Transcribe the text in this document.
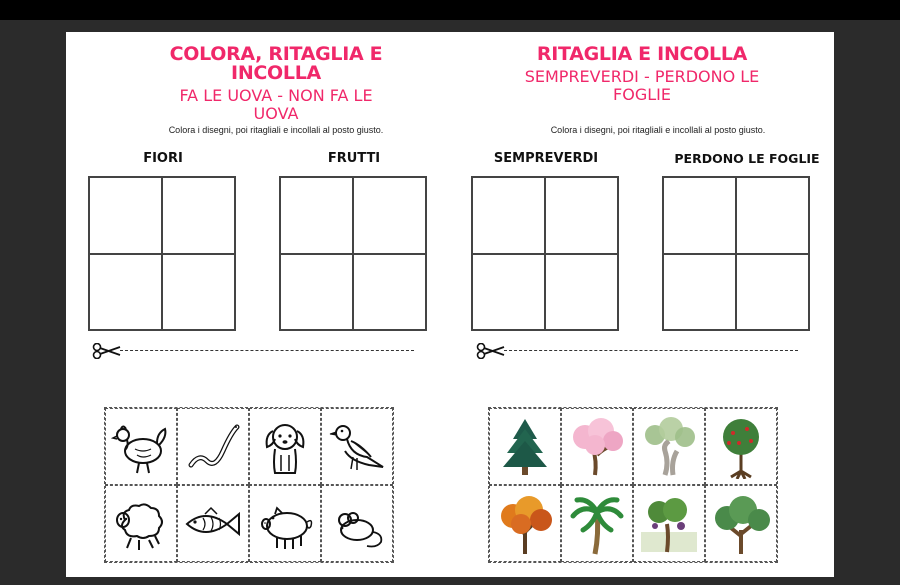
COLORA, RITAGLIA E INCOLLA
FA LE UOVA - NON FA LE UOVA
Colora i disegni, poi ritagliali e incollali al posto giusto.
FIORI	FRUTTI
RITAGLIA E INCOLLA
SEMPREVERDI - PERDONO LE FOGLIE
Colora i disegni, poi ritagliali e incollali al posto giusto.
SEMPREVERDI	PERDONO LE FOGLIE
